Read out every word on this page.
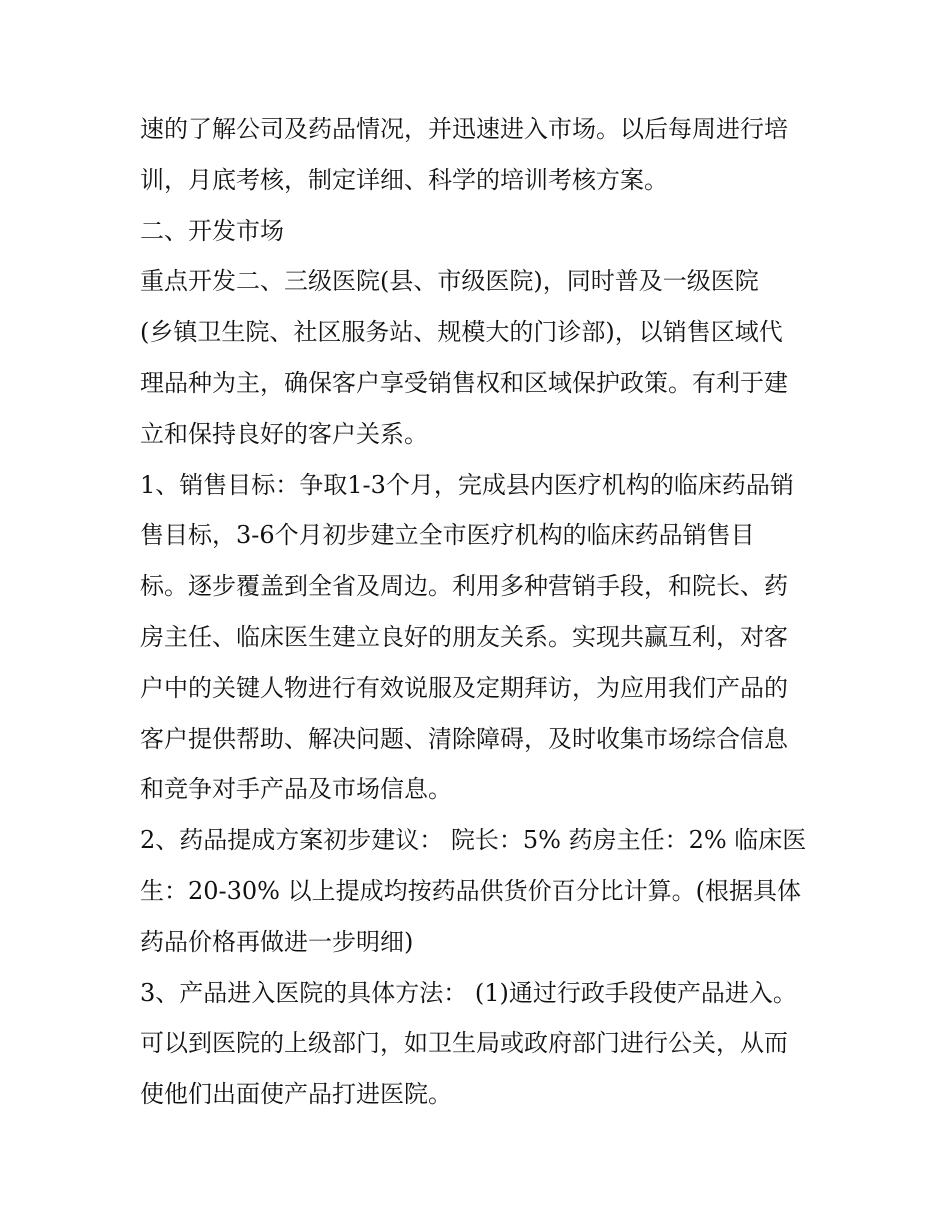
速的了解公司及药品情况，并迅速进入市场。以后每周进行培
训，月底考核，制定详细、科学的培训考核方案。
二、开发市场
重点开发二、三级医院(县、市级医院)，同时普及一级医院
(乡镇卫生院、社区服务站、规模大的门诊部)，以销售区域代
理品种为主，确保客户享受销售权和区域保护政策。有利于建
立和保持良好的客户关系。
1、销售目标：争取1-3个月，完成县内医疗机构的临床药品销
售目标，3-6个月初步建立全市医疗机构的临床药品销售目
标。逐步覆盖到全省及周边。利用多种营销手段，和院长、药
房主任、临床医生建立良好的朋友关系。实现共赢互利，对客
户中的关键人物进行有效说服及定期拜访，为应用我们产品的
客户提供帮助、解决问题、清除障碍，及时收集市场综合信息
和竞争对手产品及市场信息。
2、药品提成方案初步建议： 院长：5% 药房主任：2% 临床医
生：20-30% 以上提成均按药品供货价百分比计算。(根据具体
药品价格再做进一步明细)
3、产品进入医院的具体方法： (1)通过行政手段使产品进入。
可以到医院的上级部门，如卫生局或政府部门进行公关，从而
使他们出面使产品打进医院。
